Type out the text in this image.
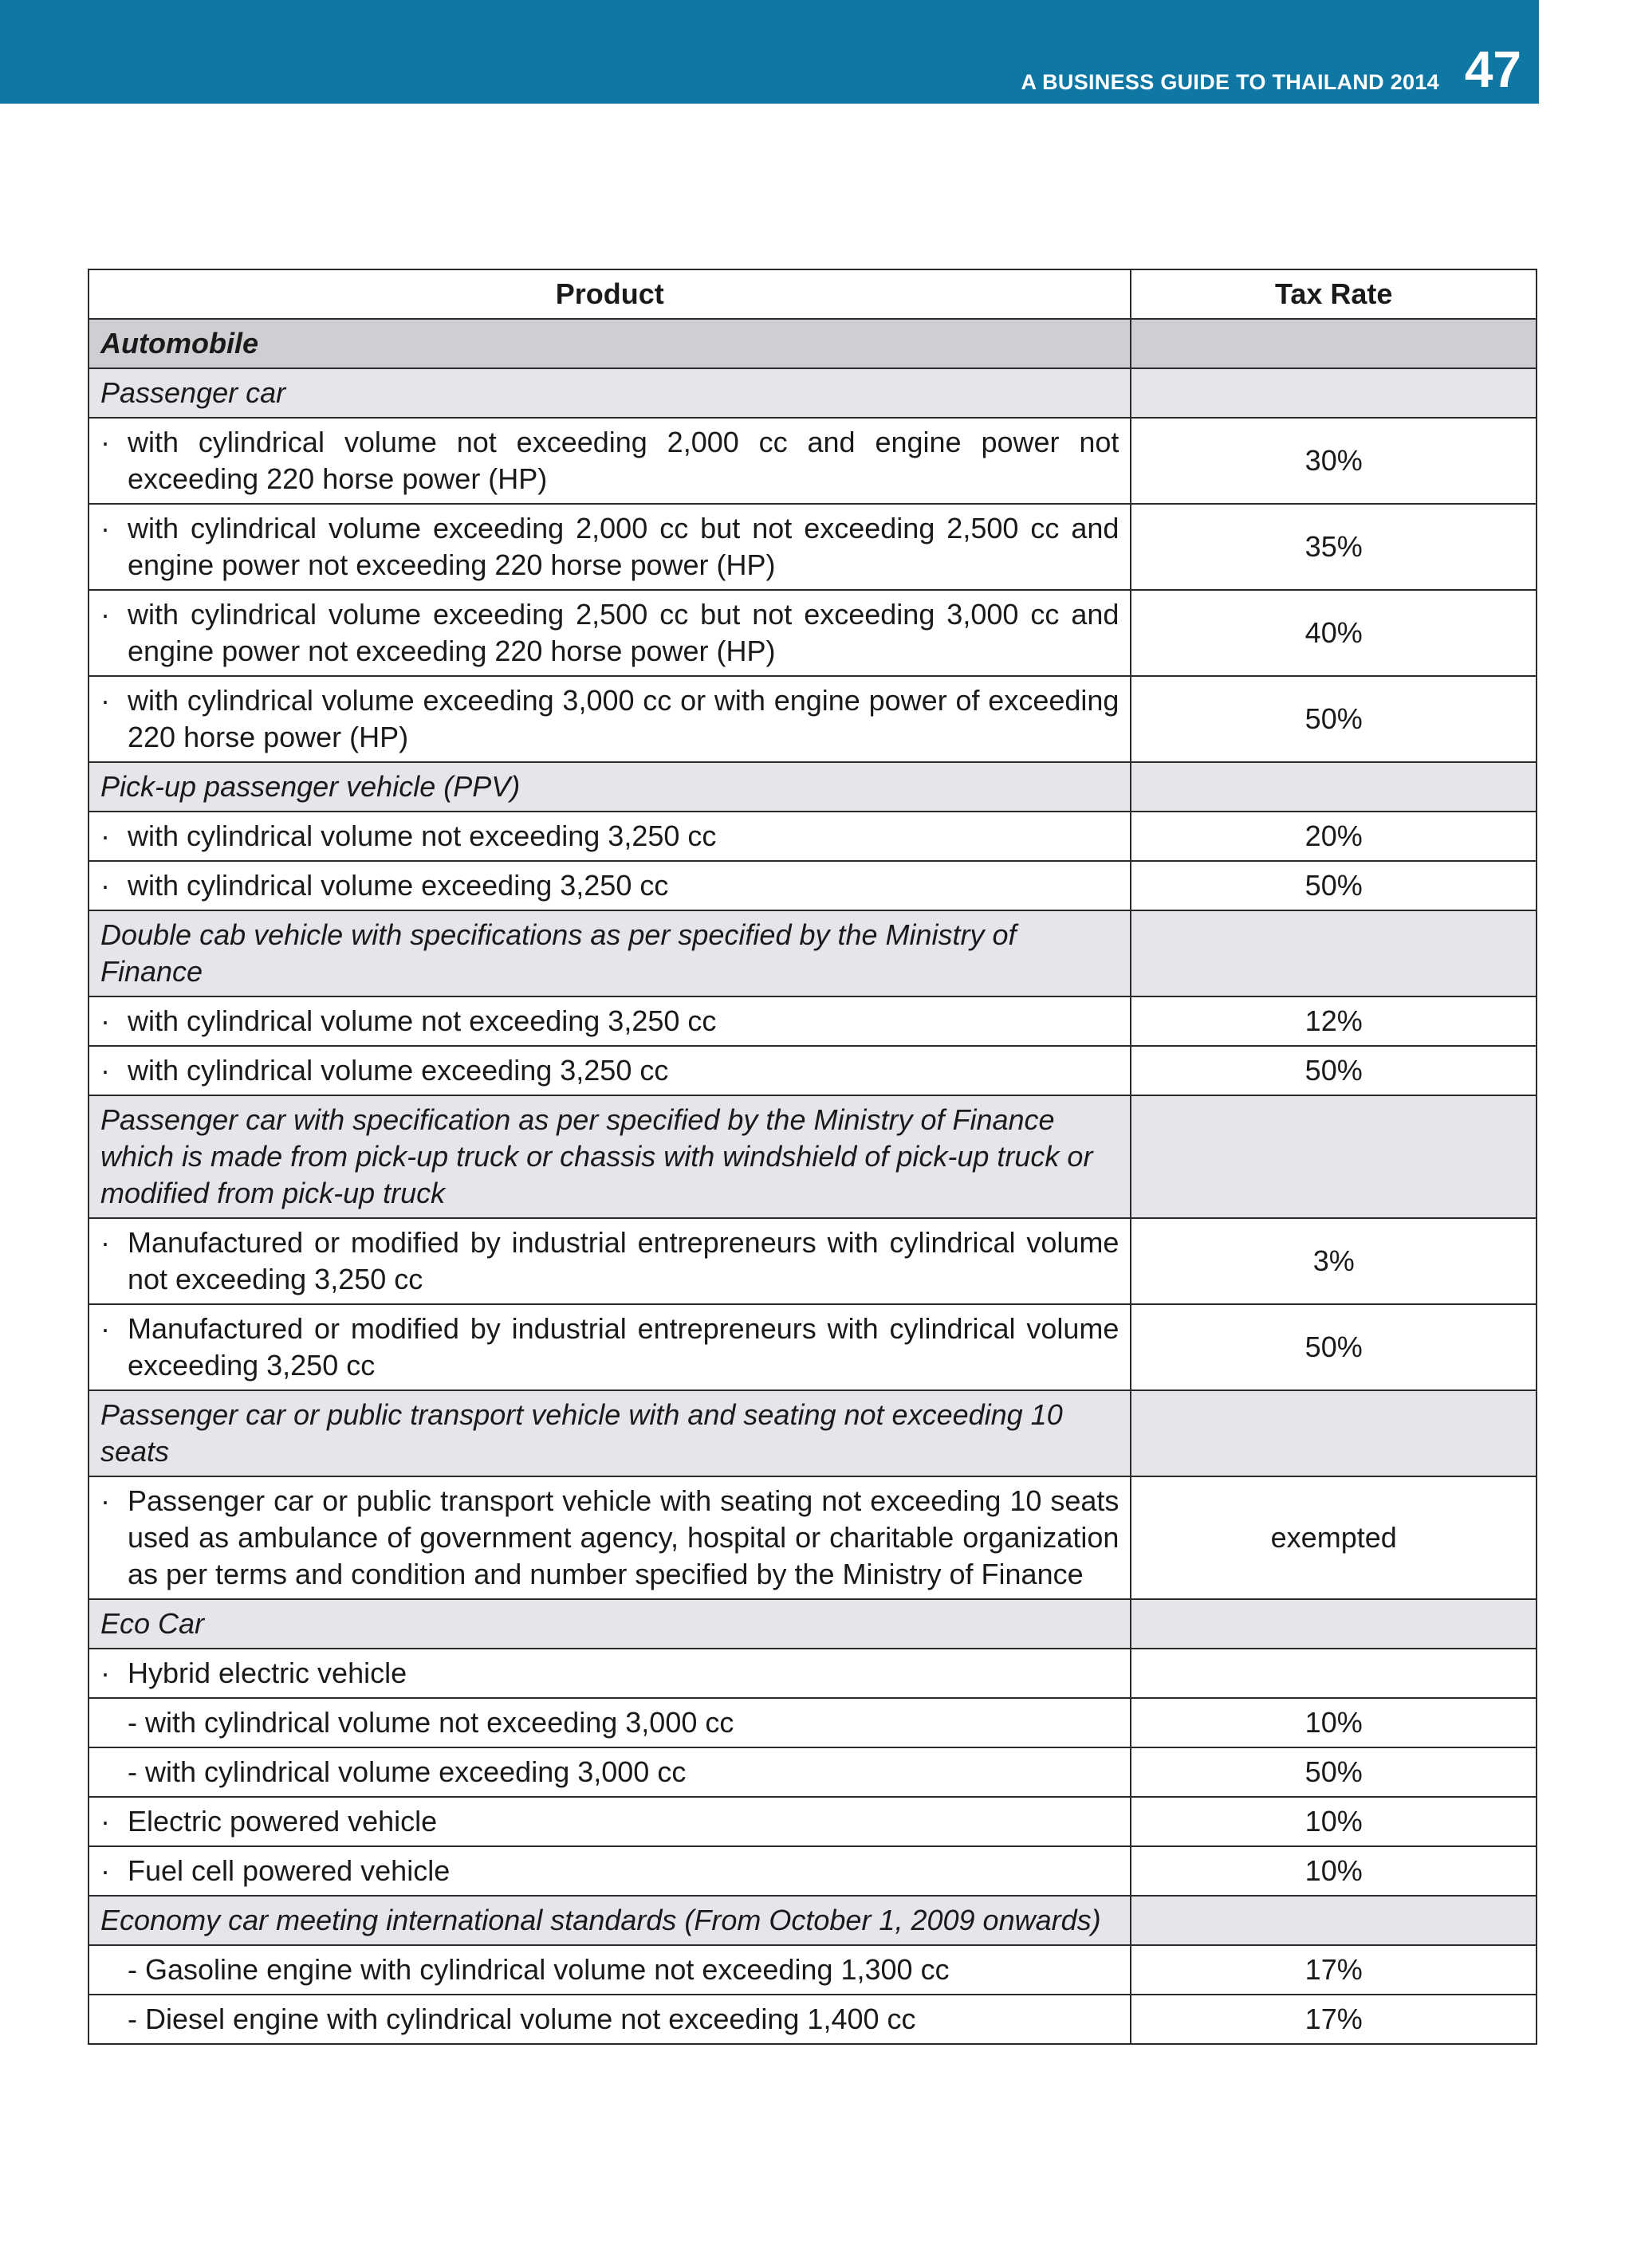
A BUSINESS GUIDE TO THAILAND 2014 47
Product	Tax Rate
Automobile	
Passenger car	

· with cylindrical volume not exceeding 2,000 cc and engine power not exceeding 220 horse power (HP)	30%

· with cylindrical volume exceeding 2,000 cc but not exceeding 2,500 cc and engine power not exceeding 220 horse power (HP)	35%

· with cylindrical volume exceeding 2,500 cc but not exceeding 3,000 cc and engine power not exceeding 220 horse power (HP)	40%

· with cylindrical volume exceeding 3,000 cc or with engine power of exceeding 220 horse power (HP)	50%
Pick-up passenger vehicle (PPV)	

· with cylindrical volume not exceeding 3,250 cc	20%

· with cylindrical volume exceeding 3,250 cc	50%
Double cab vehicle with specifications as per specified by the Ministry of Finance	

· with cylindrical volume not exceeding 3,250 cc	12%

· with cylindrical volume exceeding 3,250 cc	50%
Passenger car with specification as per specified by the Ministry of Finance which is made from pick-up truck or chassis with windshield of pick-up truck or modified from pick-up truck	

· Manufactured or modified by industrial entrepreneurs with cylindrical volume not exceeding 3,250 cc	3%

· Manufactured or modified by industrial entrepreneurs with cylindrical volume exceeding 3,250 cc	50%
Passenger car or public transport vehicle with and seating not exceeding 10 seats	

· Passenger car or public transport vehicle with seating not exceeding 10 seats used as ambulance of government agency, hospital or charitable organization as per terms and condition and number specified by the Ministry of Finance	exempted
Eco Car	

· Hybrid electric vehicle	
- with cylindrical volume not exceeding 3,000 cc	10%
- with cylindrical volume exceeding 3,000 cc	50%

· Electric powered vehicle	10%

· Fuel cell powered vehicle	10%
Economy car meeting international standards (From October 1, 2009 onwards)	
- Gasoline engine with cylindrical volume not exceeding 1,300 cc	17%
- Diesel engine with cylindrical volume not exceeding 1,400 cc	17%
